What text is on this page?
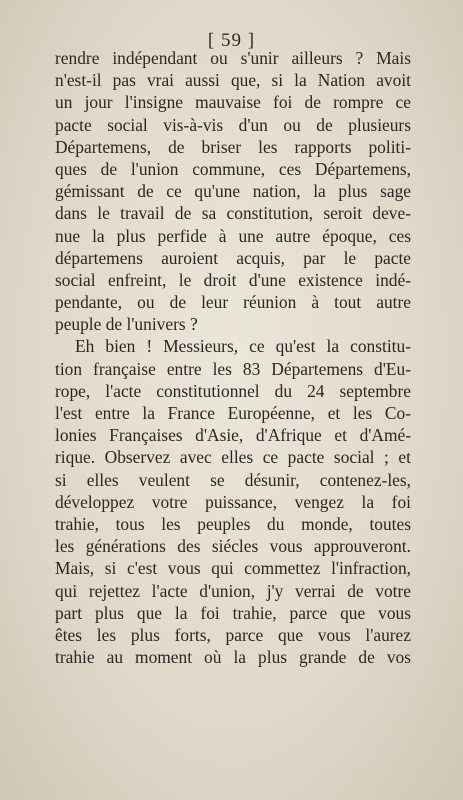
[ 59 ]
rendre indépendant ou s'unir ailleurs ? Mais
n'est-il pas vrai aussi que, si la Nation avoit
un jour l'insigne mauvaise foi de rompre ce
pacte social vis-à-vis d'un ou de plusieurs
Départemens, de briser les rapports politi-
ques de l'union commune, ces Départemens,
gémissant de ce qu'une nation, la plus sage
dans le travail de sa constitution, seroit deve-
nue la plus perfide à une autre époque, ces
départemens auroient acquis, par le pacte
social enfreint, le droit d'une existence indé-
pendante, ou de leur réunion à tout autre
peuple de l'univers ?
Eh bien ! Messieurs, ce qu'est la constitu-
tion française entre les 83 Départemens d'Eu-
rope, l'acte constitutionnel du 24 septembre
l'est entre la France Européenne, et les Co-
lonies Françaises d'Asie, d'Afrique et d'Amé-
rique. Observez avec elles ce pacte social ; et
si elles veulent se désunir, contenez-les,
développez votre puissance, vengez la foi
trahie, tous les peuples du monde, toutes
les générations des siécles vous approuveront.
Mais, si c'est vous qui commettez l'infraction,
qui rejettez l'acte d'union, j'y verrai de votre
part plus que la foi trahie, parce que vous
êtes les plus forts, parce que vous l'aurez
trahie au moment où la plus grande de vos
